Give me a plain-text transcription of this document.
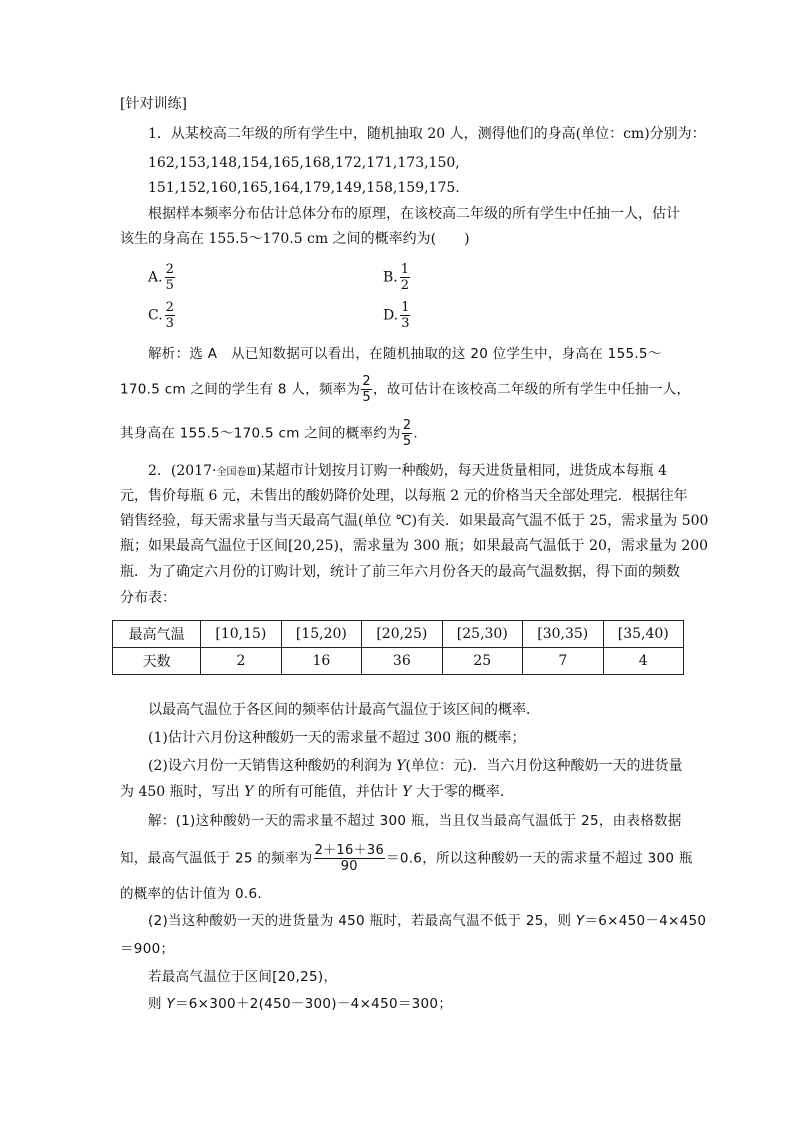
[针对训练]
1．从某校高二年级的所有学生中，随机抽取 20 人，测得他们的身高(单位：cm)分别为：
162,153,148,154,165,168,172,171,173,150,
151,152,160,165,164,179,149,158,159,175.
根据样本频率分布估计总体分布的原理，在该校高二年级的所有学生中任抽一人，估计
该生的身高在 155.5～170.5 cm 之间的概率约为(　　)
A. $\frac{2}{5}$	B. $\frac{1}{2}$
C. $\frac{2}{3}$	D. $\frac{1}{3}$
解析：选 A　从已知数据可以看出，在随机抽取的这 20 位学生中，身高在 155.5～
170.5 cm 之间的学生有 8 人，频率为 $\frac{2}{5}$ ，故可估计在该校高二年级的所有学生中任抽一人，
其身高在 155.5～170.5 cm 之间的概率约为 $\frac{2}{5}$ .
2．(2017·全国卷Ⅲ)某超市计划按月订购一种酸奶，每天进货量相同，进货成本每瓶 4
元，售价每瓶 6 元，未售出的酸奶降价处理，以每瓶 2 元的价格当天全部处理完．根据往年
销售经验，每天需求量与当天最高气温(单位 ℃)有关．如果最高气温不低于 25，需求量为 500
瓶；如果最高气温位于区间[20,25)，需求量为 300 瓶；如果最高气温低于 20，需求量为 200
瓶．为了确定六月份的订购计划，统计了前三年六月份各天的最高气温数据，得下面的频数
分布表：
最高气温	[10,15)	[15,20)	[20,25)	[25,30)	[30,35)	[35,40)
天数	2	16	36	25	7	4
以最高气温位于各区间的频率估计最高气温位于该区间的概率．
(1)估计六月份这种酸奶一天的需求量不超过 300 瓶的概率；
(2)设六月份一天销售这种酸奶的利润为 Y(单位：元)．当六月份这种酸奶一天的进货量
为 450 瓶时，写出 Y 的所有可能值，并估计 Y 大于零的概率．
解：(1)这种酸奶一天的需求量不超过 300 瓶，当且仅当最高气温低于 25，由表格数据
知，最高气温低于 25 的频率为 $\frac{2+16+36}{90} =0.6$，所以这种酸奶一天的需求量不超过 300 瓶
的概率的估计值为 0.6.
(2)当这种酸奶一天的进货量为 450 瓶时，若最高气温不低于 25，则 Y＝6×450－4×450
＝900；
若最高气温位于区间[20,25)，
则 Y＝6×300＋2(450－300)－4×450＝300；
